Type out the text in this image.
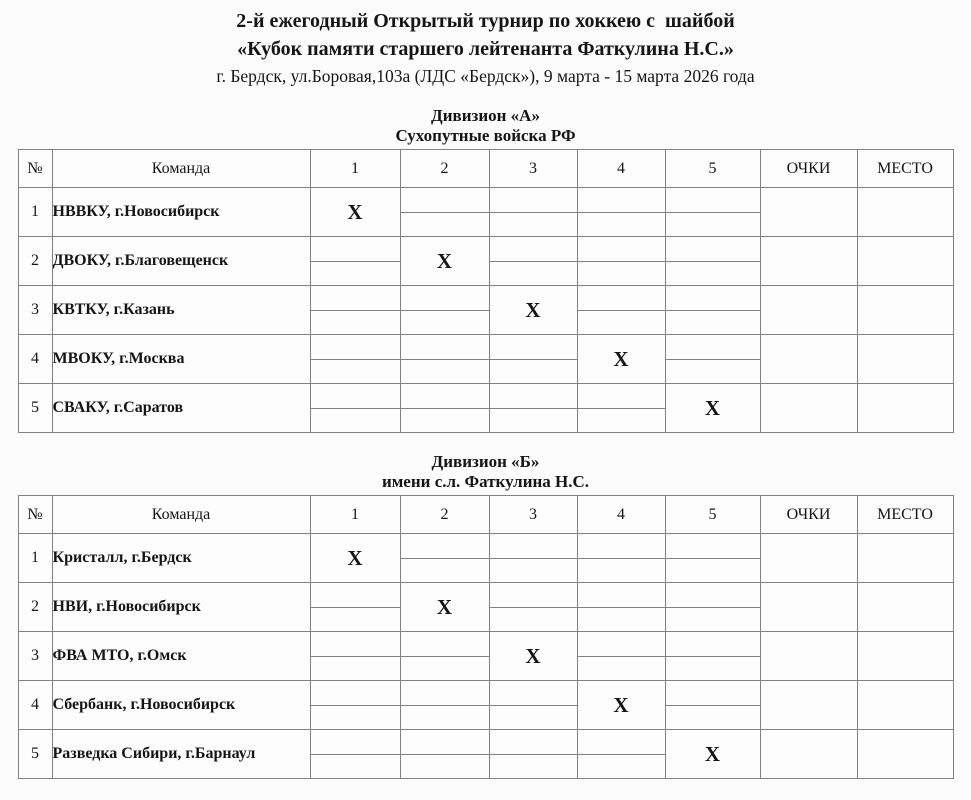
2-й ежегодный Открытый турнир по хоккею с  шайбой
«Кубок памяти старшего лейтенанта Фаткулина Н.С.»
г. Бердск, ул.Боровая,103а (ЛДС «Бердск»), 9 марта - 15 марта 2026 года
Дивизион «А»
Сухопутные войска РФ
№	Команда	1	2	3	4	5	ОЧКИ	МЕСТО
1	НВВКУ, г.Новосибирск	Х						

2	ДВОКУ, г.Благовещенск		Х					

3	КВТКУ, г.Казань			Х				

4	МВОКУ, г.Москва				Х			

5	СВАКУ, г.Саратов					Х		

Дивизион «Б»
имени с.л. Фаткулина Н.С.
№	Команда	1	2	3	4	5	ОЧКИ	МЕСТО
1	Кристалл, г.Бердск	Х						

2	НВИ, г.Новосибирск		Х					

3	ФВА МТО, г.Омск			Х				

4	Сбербанк, г.Новосибирск				Х			

5	Разведка Сибири, г.Барнаул					Х		
